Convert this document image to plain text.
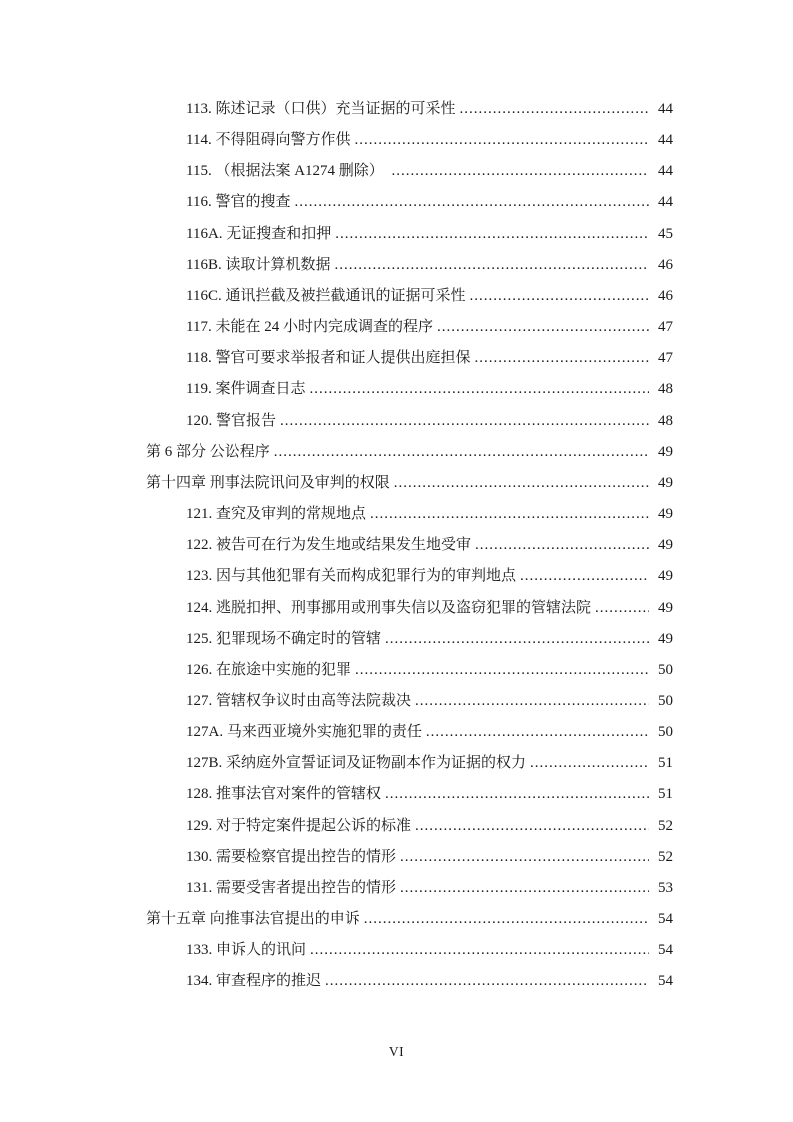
113. 陈述记录（口供）充当证据的可采性 .....	44
114. 不得阻碍向警方作供 .....	44
115. （根据法案 A1274 删除） .....	44
116. 警官的搜查 .....	44
116A. 无证搜查和扣押 .....	45
116B. 读取计算机数据 .....	46
116C. 通讯拦截及被拦截通讯的证据可采性 .....	46
117. 未能在 24 小时内完成调查的程序 .....	47
118. 警官可要求举报者和证人提供出庭担保 .....	47
119. 案件调查日志 .....	48
120. 警官报告 .....	48
第 6 部分 公讼程序 .....	49
第十四章 刑事法院讯问及审判的权限 .....	49
121. 查究及审判的常规地点 .....	49
122. 被告可在行为发生地或结果发生地受审 .....	49
123. 因与其他犯罪有关而构成犯罪行为的审判地点 .....	49
124. 逃脱扣押、刑事挪用或刑事失信以及盗窃犯罪的管辖法院 .....	49
125. 犯罪现场不确定时的管辖 .....	49
126. 在旅途中实施的犯罪 .....	50
127. 管辖权争议时由高等法院裁决 .....	50
127A. 马来西亚境外实施犯罪的责任 .....	50
127B. 采纳庭外宣誓证词及证物副本作为证据的权力 .....	51
128. 推事法官对案件的管辖权 .....	51
129. 对于特定案件提起公诉的标准 .....	52
130. 需要检察官提出控告的情形 .....	52
131. 需要受害者提出控告的情形 .....	53
第十五章 向推事法官提出的申诉 .....	54
133. 申诉人的讯问 .....	54
134. 审查程序的推迟 .....	54
VI
